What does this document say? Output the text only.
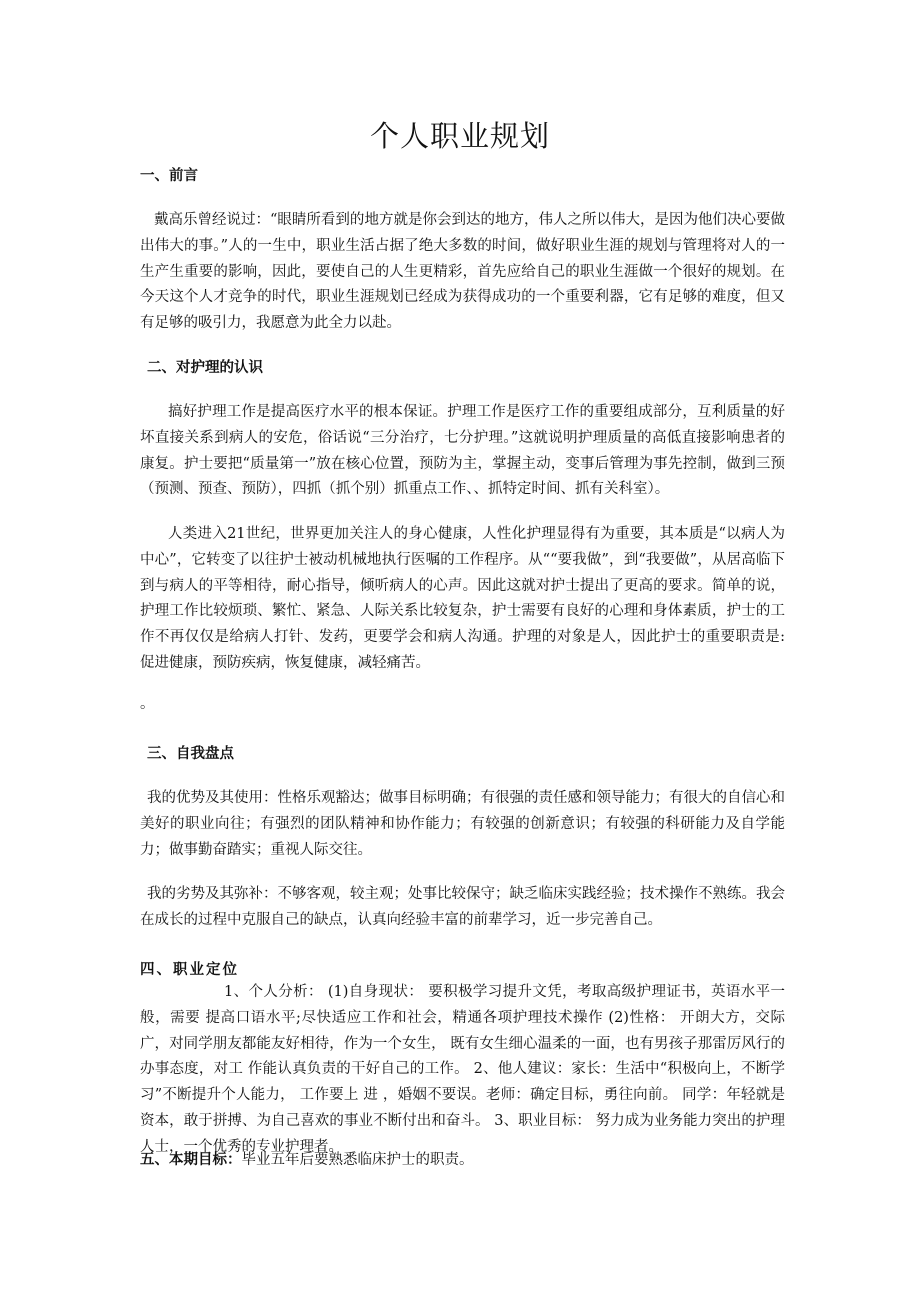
个人职业规划
一、前言
戴高乐曾经说过：“眼睛所看到的地方就是你会到达的地方，伟人之所以伟大，是因为他们决心要做出伟大的事。”人的一生中，职业生活占据了绝大多数的时间，做好职业生涯的规划与管理将对人的一生产生重要的影响，因此，要使自己的人生更精彩，首先应给自己的职业生涯做一个很好的规划。在今天这个人才竞争的时代，职业生涯规划已经成为获得成功的一个重要利器，它有足够的难度，但又有足够的吸引力，我愿意为此全力以赴。
二、对护理的认识
搞好护理工作是提高医疗水平的根本保证。护理工作是医疗工作的重要组成部分，互利质量的好坏直接关系到病人的安危，俗话说“三分治疗，七分护理。”这就说明护理质量的高低直接影响患者的康复。护士要把“质量第一”放在核心位置，预防为主，掌握主动，变事后管理为事先控制，做到三预（预测、预查、预防），四抓（抓个别）抓重点工作、、抓特定时间、抓有关科室）。
人类进入21世纪，世界更加关注人的身心健康，人性化护理显得有为重要，其本质是“以病人为中心”，它转变了以往护士被动机械地执行医嘱的工作程序。从““要我做”，到“我要做”，从居高临下到与病人的平等相待，耐心指导，倾听病人的心声。因此这就对护士提出了更高的要求。简单的说，护理工作比较烦琐、繁忙、紧急、人际关系比较复杂，护士需要有良好的心理和身体素质，护士的工作不再仅仅是给病人打针、发药，更要学会和病人沟通。护理的对象是人，因此护士的重要职责是: 促进健康，预防疾病，恢复健康，减轻痛苦。
。
三、自我盘点
我的优势及其使用：性格乐观豁达；做事目标明确；有很强的责任感和领导能力；有很大的自信心和美好的职业向往；有强烈的团队精神和协作能力；有较强的创新意识；有较强的科研能力及自学能力；做事勤奋踏实；重视人际交往。
我的劣势及其弥补：不够客观，较主观；处事比较保守；缺乏临床实践经验；技术操作不熟练。我会在成长的过程中克服自己的缺点，认真向经验丰富的前辈学习，近一步完善自己。
四、职业定位
1、个人分析： (1)自身现状： 要积极学习提升文凭，考取高级护理证书，英语水平一般，需要 提高口语水平;尽快适应工作和社会，精通各项护理技术操作 (2)性格： 开朗大方，交际广，对同学朋友都能友好相待，作为一个女生， 既有女生细心温柔的一面，也有男孩子那雷厉风行的办事态度，对工 作能认真负责的干好自己的工作。 2、他人建议：家长：生活中“积极向上，不断学习”不断提升个人能力， 工作要上 进 ，婚姻不要误。老师：确定目标，勇往向前。 同学：年轻就是资本，敢于拼搏、为自己喜欢的事业不断付出和奋斗。 3、职业目标： 努力成为业务能力突出的护理人士，一个优秀的专业护理者。
五、本期目标：毕业五年后要熟悉临床护士的职责。
